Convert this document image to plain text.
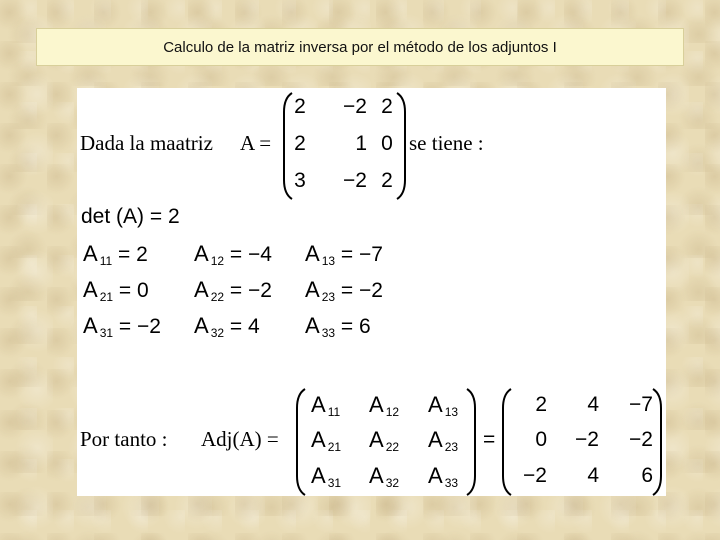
Calculo de la matriz inversa por el método de los adjuntos I
Dada la maatriz A =
2	−2 2
2	1 0
3	−2 2
se tiene :
det (A) = 2
A $_{11}$ = 2 A $_{12}$ = −4 A $_{13}$ = −7
A $_{21}$ = 0 A $_{22}$ = −2 A $_{23}$ = −2
A $_{31}$ = −2 A $_{32}$ = 4 A $_{33}$ = 6
Por tanto : Adj(A) =
A $_{11}$ A $_{12}$ A $_{13}$
A $_{21}$ A $_{22}$ A $_{23}$
A $_{31}$ A $_{32}$ A $_{33}$
=
2	4	−7
0	−2	−2
−2	4	6
